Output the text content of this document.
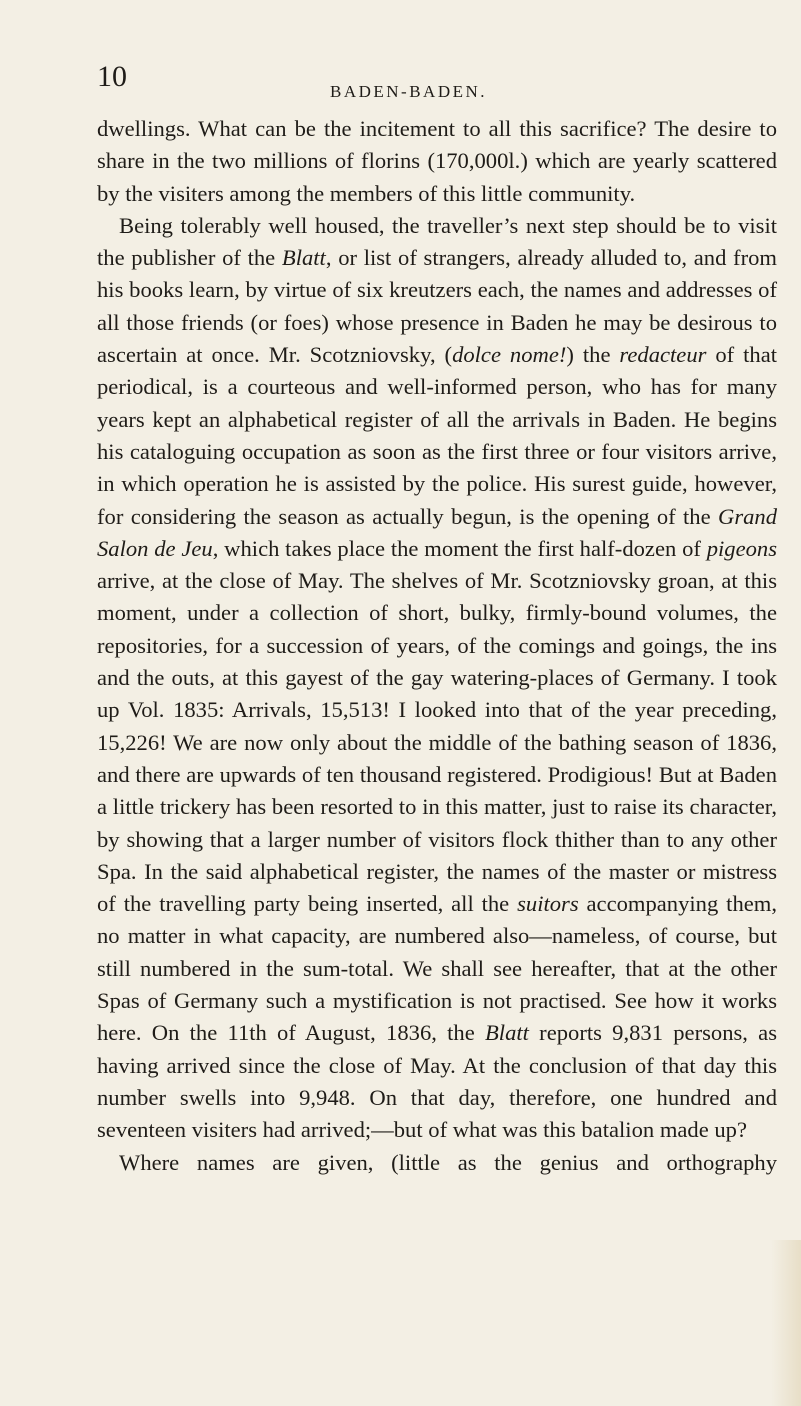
10	BADEN-BADEN.

dwellings. What can be the incitement to all this sacrifice? The desire to share in the two millions of florins (170,000l.) which are yearly scattered by the visiters among the members of this little community.

Being tolerably well housed, the traveller’s next step should be to visit the publisher of the Blatt, or list of strangers, already alluded to, and from his books learn, by virtue of six kreutzers each, the names and addresses of all those friends (or foes) whose presence in Baden he may be desirous to ascertain at once. Mr. Scotzniovsky, (dolce nome!) the redacteur of that periodical, is a courteous and well-informed person, who has for many years kept an alphabetical register of all the arrivals in Baden. He begins his cataloguing occupation as soon as the first three or four visitors arrive, in which operation he is assisted by the police. His surest guide, however, for considering the season as actually begun, is the opening of the Grand Salon de Jeu, which takes place the moment the first half-dozen of pigeons arrive, at the close of May. The shelves of Mr. Scotzniovsky groan, at this moment, under a collection of short, bulky, firmly-bound volumes, the repositories, for a succession of years, of the comings and goings, the ins and the outs, at this gayest of the gay watering-places of Germany. I took up Vol. 1835: Arrivals, 15,513! I looked into that of the year preceding, 15,226! We are now only about the middle of the bathing season of 1836, and there are upwards of ten thousand registered. Prodigious! But at Baden a little trickery has been resorted to in this matter, just to raise its character, by showing that a larger number of visitors flock thither than to any other Spa. In the said alphabetical register, the names of the master or mistress of the travelling party being inserted, all the suitors accompanying them, no matter in what capacity, are numbered also—nameless, of course, but still numbered in the sum-total. We shall see hereafter, that at the other Spas of Germany such a mystification is not practised. See how it works here. On the 11th of August, 1836, the Blatt reports 9,831 persons, as having arrived since the close of May. At the conclusion of that day this number swells into 9,948. On that day, therefore, one hundred and seventeen visiters had arrived;—but of what was this batalion made up?

Where names are given, (little as the genius and orthography
